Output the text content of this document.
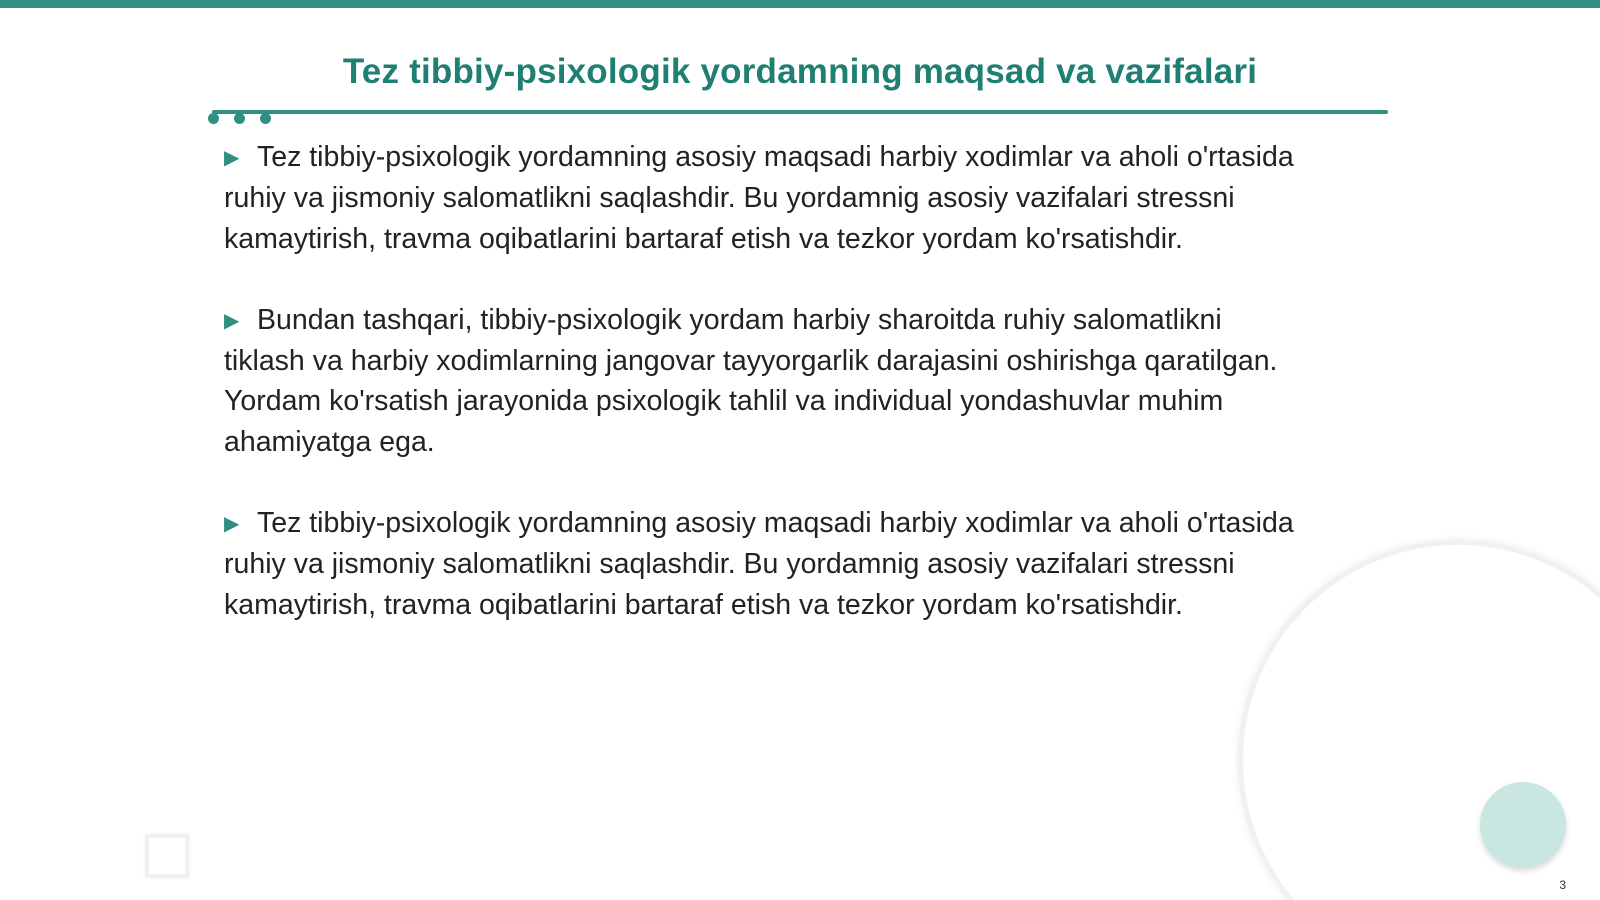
Tez tibbiy-psixologik yordamning maqsad va vazifalari
▶ Tez tibbiy-psixologik yordamning asosiy maqsadi harbiy xodimlar va aholi o'rtasida
ruhiy va jismoniy salomatlikni saqlashdir. Bu yordamnig asosiy vazifalari stressni
kamaytirish, travma oqibatlarini bartaraf etish va tezkor yordam ko'rsatishdir.
▶ Bundan tashqari, tibbiy-psixologik yordam harbiy sharoitda ruhiy salomatlikni
tiklash va harbiy xodimlarning jangovar tayyorgarlik darajasini oshirishga qaratilgan.
Yordam ko'rsatish jarayonida psixologik tahlil va individual yondashuvlar muhim
ahamiyatga ega.
▶ Tez tibbiy-psixologik yordamning asosiy maqsadi harbiy xodimlar va aholi o'rtasida
ruhiy va jismoniy salomatlikni saqlashdir. Bu yordamnig asosiy vazifalari stressni
kamaytirish, travma oqibatlarini bartaraf etish va tezkor yordam ko'rsatishdir.
3
